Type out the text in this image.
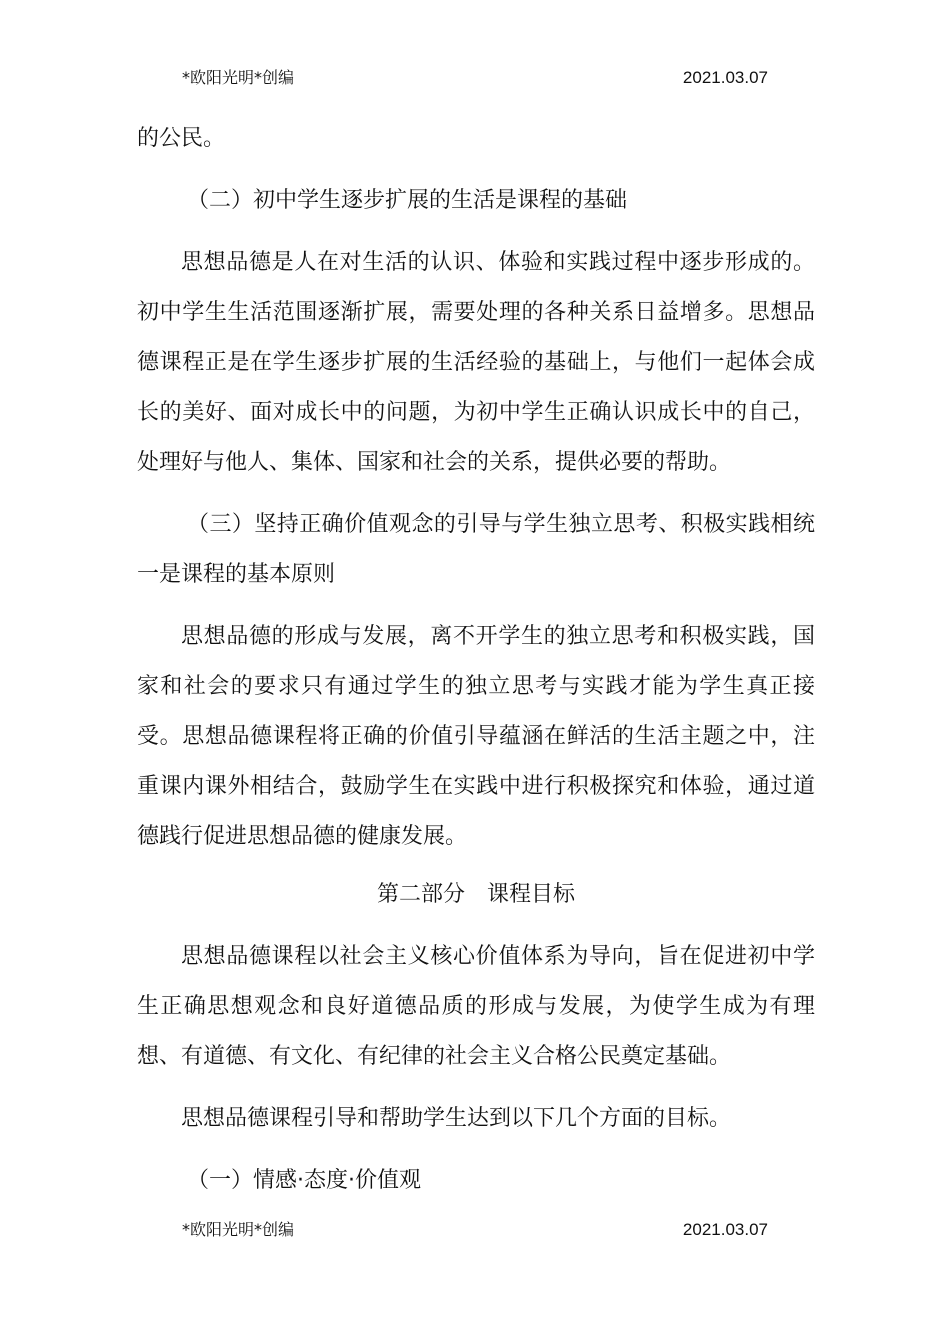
*欧阳光明*创编	2021.03.07

的公民。

（二）初中学生逐步扩展的生活是课程的基础

思想品德是人在对生活的认识、体验和实践过程中逐步形成的。初中学生生活范围逐渐扩展，需要处理的各种关系日益增多。思想品德课程正是在学生逐步扩展的生活经验的基础上，与他们一起体会成长的美好、面对成长中的问题，为初中学生正确认识成长中的自己，处理好与他人、集体、国家和社会的关系，提供必要的帮助。

（三）坚持正确价值观念的引导与学生独立思考、积极实践相统一是课程的基本原则

思想品德的形成与发展，离不开学生的独立思考和积极实践，国家和社会的要求只有通过学生的独立思考与实践才能为学生真正接受。思想品德课程将正确的价值引导蕴涵在鲜活的生活主题之中，注重课内课外相结合，鼓励学生在实践中进行积极探究和体验，通过道德践行促进思想品德的健康发展。

第二部分　课程目标

思想品德课程以社会主义核心价值体系为导向，旨在促进初中学生正确思想观念和良好道德品质的形成与发展，为使学生成为有理想、有道德、有文化、有纪律的社会主义合格公民奠定基础。

思想品德课程引导和帮助学生达到以下几个方面的目标。

（一）情感·态度·价值观

*欧阳光明*创编	2021.03.07
